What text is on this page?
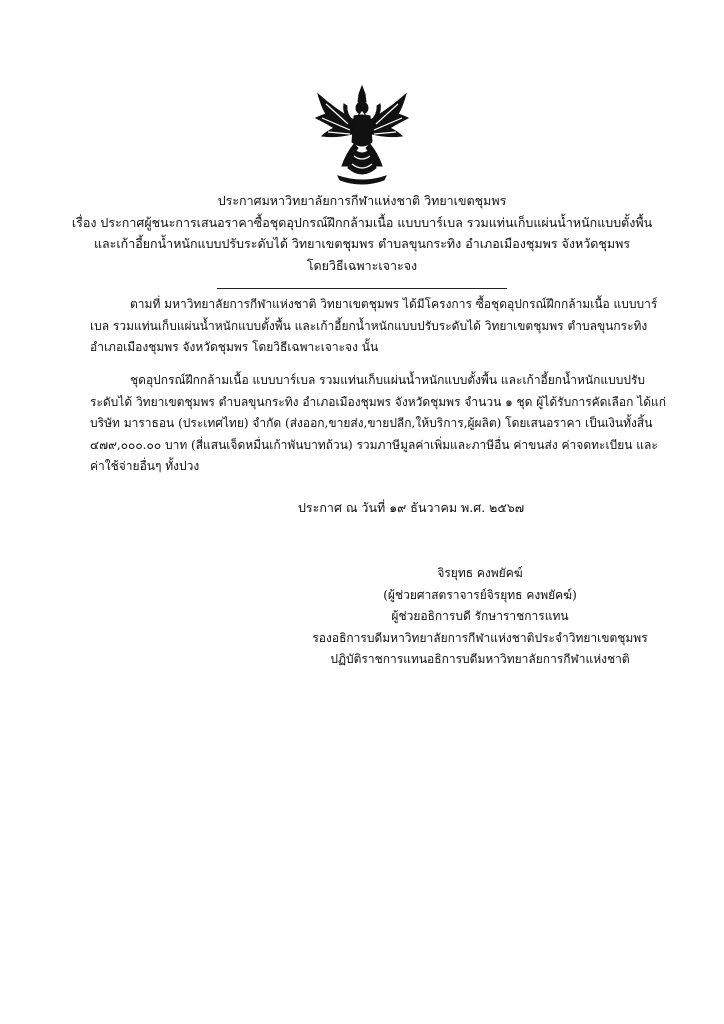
ประกาศมหาวิทยาลัยการกีฬาแห่งชาติ วิทยาเขตชุมพร
เรื่อง ประกาศผู้ชนะการเสนอราคาซื้อชุดอุปกรณ์ฝึกกล้ามเนื้อ แบบบาร์เบล รวมแท่นเก็บแผ่นน้ำหนักแบบตั้งพื้น
และเก้าอี้ยกน้ำหนักแบบปรับระดับได้ วิทยาเขตชุมพร ตำบลขุนกระทิง อำเภอเมืองชุมพร จังหวัดชุมพร
โดยวิธีเฉพาะเจาะจง
ตามที่ มหาวิทยาลัยการกีฬาแห่งชาติ วิทยาเขตชุมพร ได้มีโครงการ ซื้อชุดอุปกรณ์ฝึกกล้ามเนื้อ แบบบาร์
เบล รวมแท่นเก็บแผ่นน้ำหนักแบบตั้งพื้น และเก้าอี้ยกน้ำหนักแบบปรับระดับได้ วิทยาเขตชุมพร ตำบลขุนกระทิง
อำเภอเมืองชุมพร จังหวัดชุมพร โดยวิธีเฉพาะเจาะจง นั้น
ชุดอุปกรณ์ฝึกกล้ามเนื้อ แบบบาร์เบล รวมแท่นเก็บแผ่นน้ำหนักแบบตั้งพื้น และเก้าอี้ยกน้ำหนักแบบปรับ
ระดับได้ วิทยาเขตชุมพร ตำบลขุนกระทิง อำเภอเมืองชุมพร จังหวัดชุมพร จำนวน ๑ ชุด ผู้ได้รับการคัดเลือก ได้แก่
บริษัท มาราธอน (ประเทศไทย) จำกัด (ส่งออก,ขายส่ง,ขายปลีก,ให้บริการ,ผู้ผลิต) โดยเสนอราคา เป็นเงินทั้งสิ้น
๔๗๙,๐๐๐.๐๐ บาท (สี่แสนเจ็ดหมื่นเก้าพันบาทถ้วน) รวมภาษีมูลค่าเพิ่มและภาษีอื่น ค่าขนส่ง ค่าจดทะเบียน และ
ค่าใช้จ่ายอื่นๆ ทั้งปวง
ประกาศ ณ วันที่ ๑๙ ธันวาคม พ.ศ. ๒๕๖๗
จิรยุทธ คงพยัคฆ์
(ผู้ช่วยศาสตราจารย์จิรยุทธ คงพยัคฆ์)
ผู้ช่วยอธิการบดี รักษาราชการแทน
รองอธิการบดีมหาวิทยาลัยการกีฬาแห่งชาติประจำวิทยาเขตชุมพร
ปฏิบัติราชการแทนอธิการบดีมหาวิทยาลัยการกีฬาแห่งชาติ
